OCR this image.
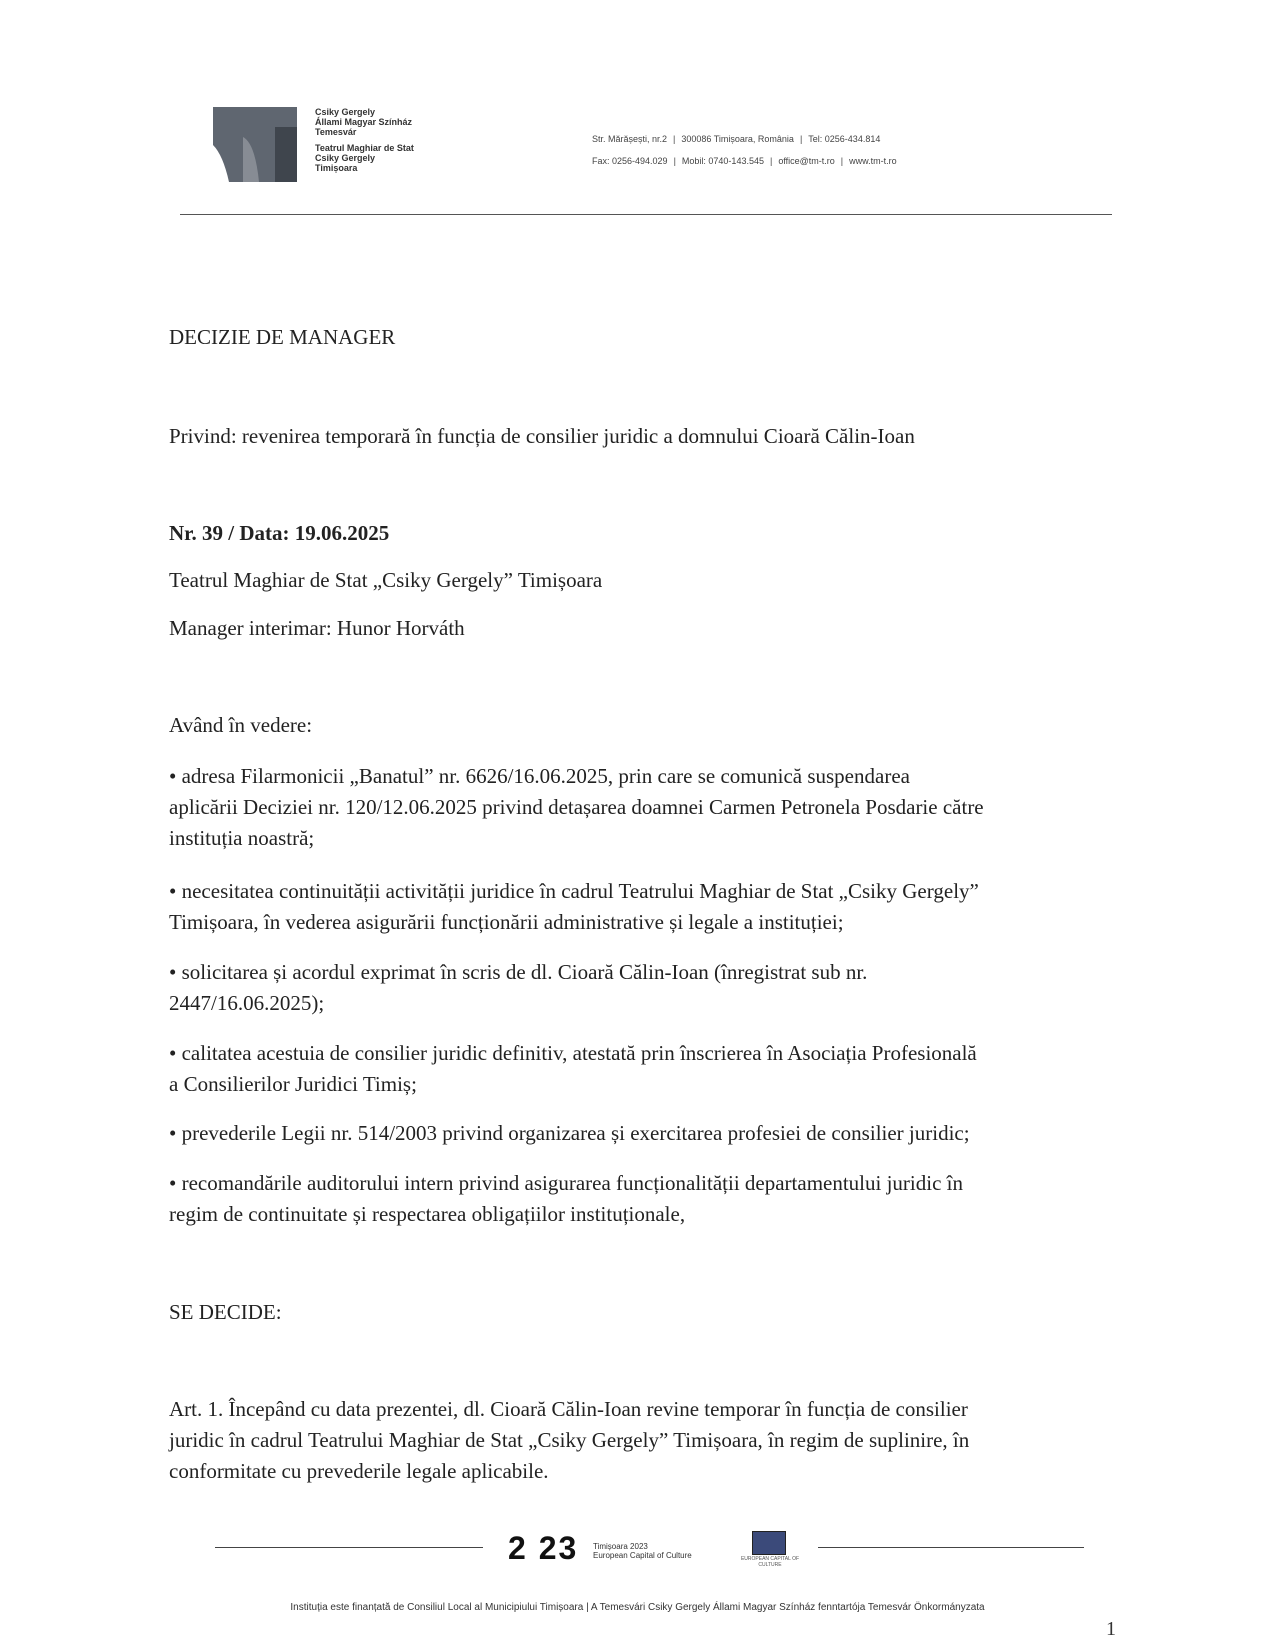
Csiky Gergely
Állami Magyar Színház
Temesvár
Teatrul Maghiar de Stat
Csiky Gergely
Timișoara
Str. Mărășești, nr.2 | 300086 Timișoara, România | Tel: 0256-434.814
Fax: 0256-494.029 | Mobil: 0740-143.545 | office@tm-t.ro | www.tm-t.ro
DECIZIE DE MANAGER
Privind: revenirea temporară în funcția de consilier juridic a domnului Cioară Călin-Ioan
Nr. 39 / Data: 19.06.2025
Teatrul Maghiar de Stat „Csiky Gergely” Timișoara
Manager interimar: Hunor Horváth
Având în vedere:
• adresa Filarmonicii „Banatul” nr. 6626/16.06.2025, prin care se comunică suspendarea
aplicării Deciziei nr. 120/12.06.2025 privind detașarea doamnei Carmen Petronela Posdarie către
instituția noastră;
• necesitatea continuității activității juridice în cadrul Teatrului Maghiar de Stat „Csiky Gergely”
Timișoara, în vederea asigurării funcționării administrative și legale a instituției;
• solicitarea și acordul exprimat în scris de dl. Cioară Călin-Ioan (înregistrat sub nr.
2447/16.06.2025);
• calitatea acestuia de consilier juridic definitiv, atestată prin înscrierea în Asociația Profesională
a Consilierilor Juridici Timiș;
• prevederile Legii nr. 514/2003 privind organizarea și exercitarea profesiei de consilier juridic;
• recomandările auditorului intern privind asigurarea funcționalității departamentului juridic în
regim de continuitate și respectarea obligațiilor instituționale,
SE DECIDE:
Art. 1. Începând cu data prezentei, dl. Cioară Călin-Ioan revine temporar în funcția de consilier
juridic în cadrul Teatrului Maghiar de Stat „Csiky Gergely” Timișoara, în regim de suplinire, în
conformitate cu prevederile legale aplicabile.
2 23 Timișoara 2023
European Capital of Culture	EUROPEAN CAPITAL OF CULTURE
Instituția este finanțată de Consiliul Local al Municipiului Timișoara | A Temesvári Csiky Gergely Állami Magyar Színház fenntartója Temesvár Önkormányzata
1
